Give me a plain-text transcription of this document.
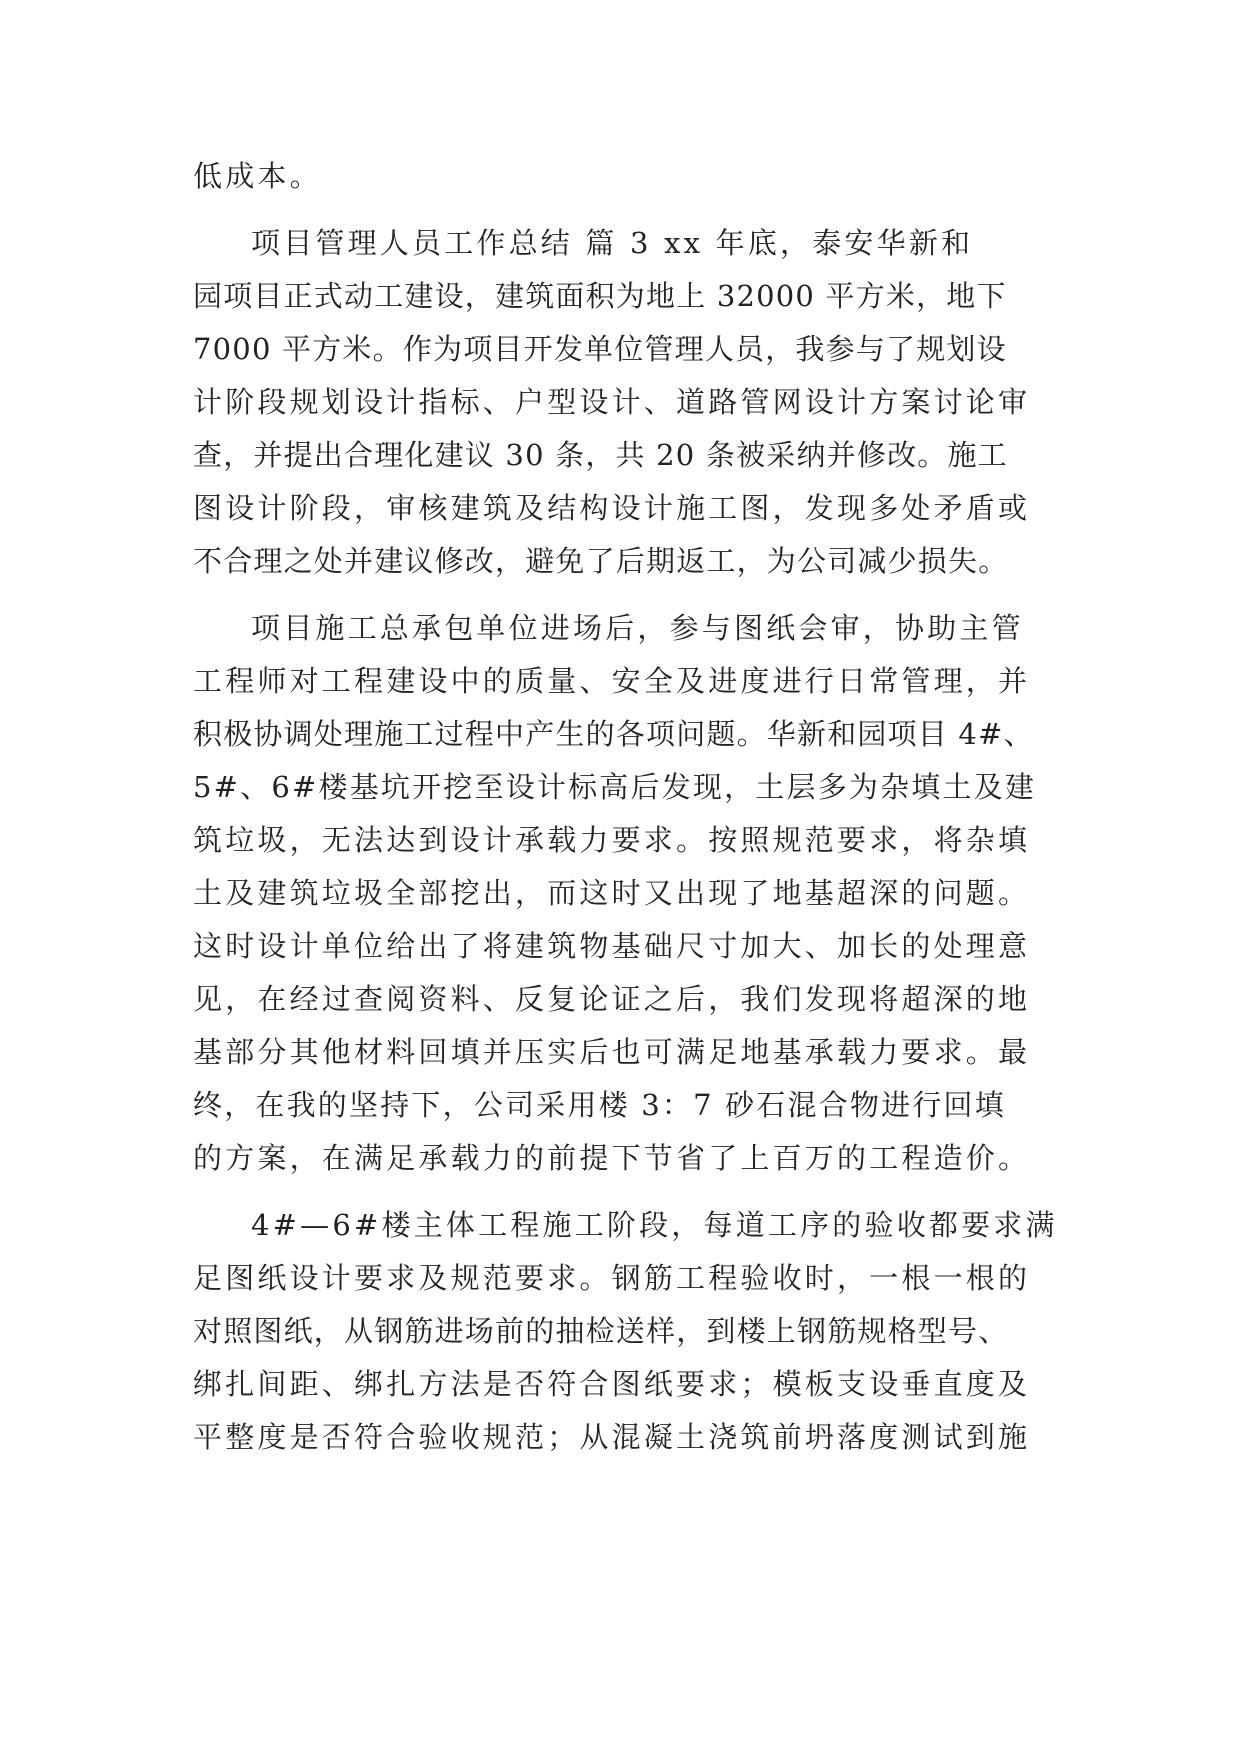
低成本。
项目管理人员工作总结 篇 3 xx 年底，泰安华新和
园项目正式动工建设，建筑面积为地上 32000 平方米，地下
7000 平方米。作为项目开发单位管理人员，我参与了规划设
计阶段规划设计指标、户型设计、道路管网设计方案讨论审
查，并提出合理化建议 30 条，共 20 条被采纳并修改。施工
图设计阶段，审核建筑及结构设计施工图，发现多处矛盾或
不合理之处并建议修改，避免了后期返工，为公司减少损失。
项目施工总承包单位进场后，参与图纸会审，协助主管
工程师对工程建设中的质量、安全及进度进行日常管理，并
积极协调处理施工过程中产生的各项问题。华新和园项目 4#、
5#、6#楼基坑开挖至设计标高后发现，土层多为杂填土及建
筑垃圾，无法达到设计承载力要求。按照规范要求，将杂填
土及建筑垃圾全部挖出，而这时又出现了地基超深的问题。
这时设计单位给出了将建筑物基础尺寸加大、加长的处理意
见，在经过查阅资料、反复论证之后，我们发现将超深的地
基部分其他材料回填并压实后也可满足地基承载力要求。最
终，在我的坚持下，公司采用楼 3：7 砂石混合物进行回填
的方案，在满足承载力的前提下节省了上百万的工程造价。
4#—6#楼主体工程施工阶段，每道工序的验收都要求满
足图纸设计要求及规范要求。钢筋工程验收时，一根一根的
对照图纸，从钢筋进场前的抽检送样，到楼上钢筋规格型号、
绑扎间距、绑扎方法是否符合图纸要求；模板支设垂直度及
平整度是否符合验收规范；从混凝土浇筑前坍落度测试到施
